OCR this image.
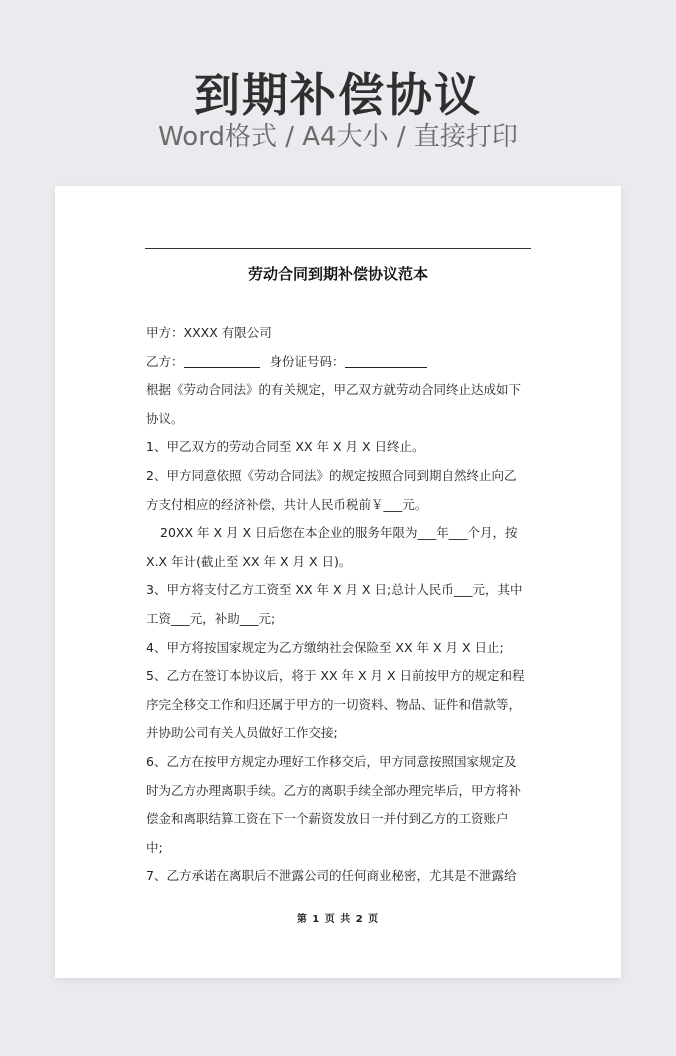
到期补偿协议
Word格式 / A4大小 / 直接打印
劳动合同到期补偿协议范本
甲方：XXXX 有限公司
乙方：	身份证号码：
根据《劳动合同法》的有关规定，甲乙双方就劳动合同终止达成如下
协议。
1、甲乙双方的劳动合同至 XX 年 X 月 X 日终止。
2、甲方同意依照《劳动合同法》的规定按照合同到期自然终止向乙
方支付相应的经济补偿，共计人民币税前￥___元。
20XX 年 X 月 X 日后您在本企业的服务年限为___年___个月，按
X.X 年计(截止至 XX 年 X 月 X 日)。
3、甲方将支付乙方工资至 XX 年 X 月 X 日;总计人民币___元，其中
工资___元，补助___元;
4、甲方将按国家规定为乙方缴纳社会保险至 XX 年 X 月 X 日止;
5、乙方在签订本协议后，将于 XX 年 X 月 X 日前按甲方的规定和程
序完全移交工作和归还属于甲方的一切资料、物品、证件和借款等，
并协助公司有关人员做好工作交接;
6、乙方在按甲方规定办理好工作移交后，甲方同意按照国家规定及
时为乙方办理离职手续。乙方的离职手续全部办理完毕后，甲方将补
偿金和离职结算工资在下一个薪资发放日一并付到乙方的工资账户
中;
7、乙方承诺在离职后不泄露公司的任何商业秘密，尤其是不泄露给
第 1 页 共 2 页
